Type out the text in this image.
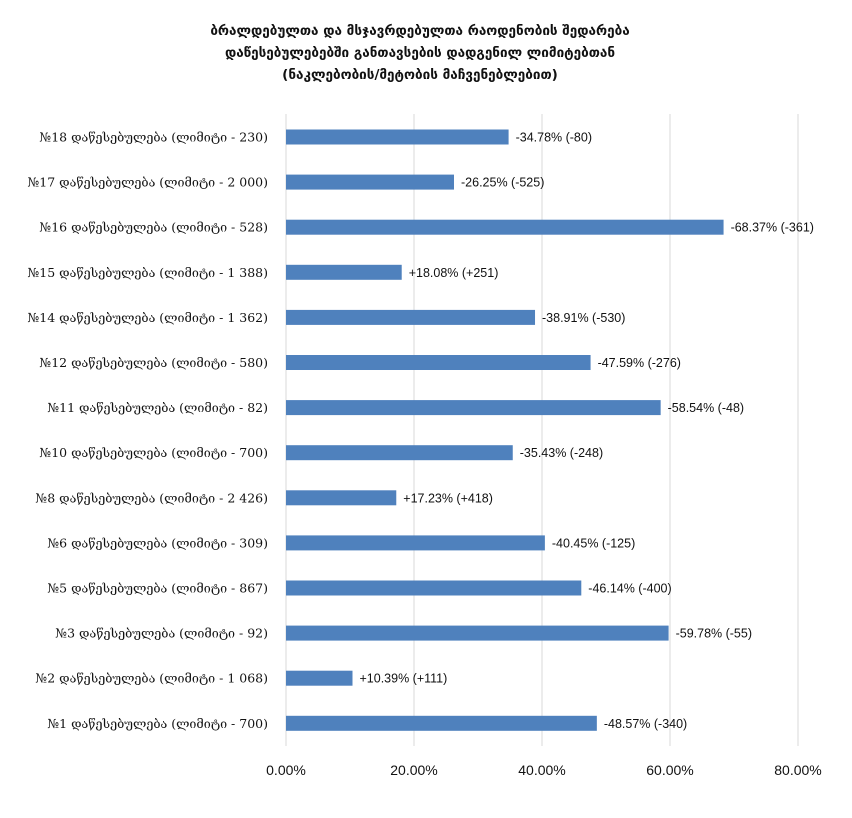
ბრალდებულთა და მსჯავრდებულთა რაოდენობის შედარება
დაწესებულებებში განთავსების დადგენილ ლიმიტებთან
(ნაკლებობის/მეტობის მაჩვენებლებით)
0.00%	20.00%	40.00%	60.00%	80.00%
№18 დაწესებულება (ლიმიტი - 230)	-34.78% (-80)
№17 დაწესებულება (ლიმიტი - 2 000)	-26.25% (-525)
№16 დაწესებულება (ლიმიტი - 528)	-68.37% (-361)
№15 დაწესებულება (ლიმიტი - 1 388)	+18.08% (+251)
№14 დაწესებულება (ლიმიტი - 1 362)	-38.91% (-530)
№12 დაწესებულება (ლიმიტი - 580)	-47.59% (-276)
№11 დაწესებულება (ლიმიტი - 82)	-58.54% (-48)
№10 დაწესებულება (ლიმიტი - 700)	-35.43% (-248)
№8 დაწესებულება (ლიმიტი - 2 426)	+17.23% (+418)
№6 დაწესებულება (ლიმიტი - 309)	-40.45% (-125)
№5 დაწესებულება (ლიმიტი - 867)	-46.14% (-400)
№3 დაწესებულება (ლიმიტი - 92)	-59.78% (-55)
№2 დაწესებულება (ლიმიტი - 1 068)	+10.39% (+111)
№1 დაწესებულება (ლიმიტი - 700)	-48.57% (-340)
